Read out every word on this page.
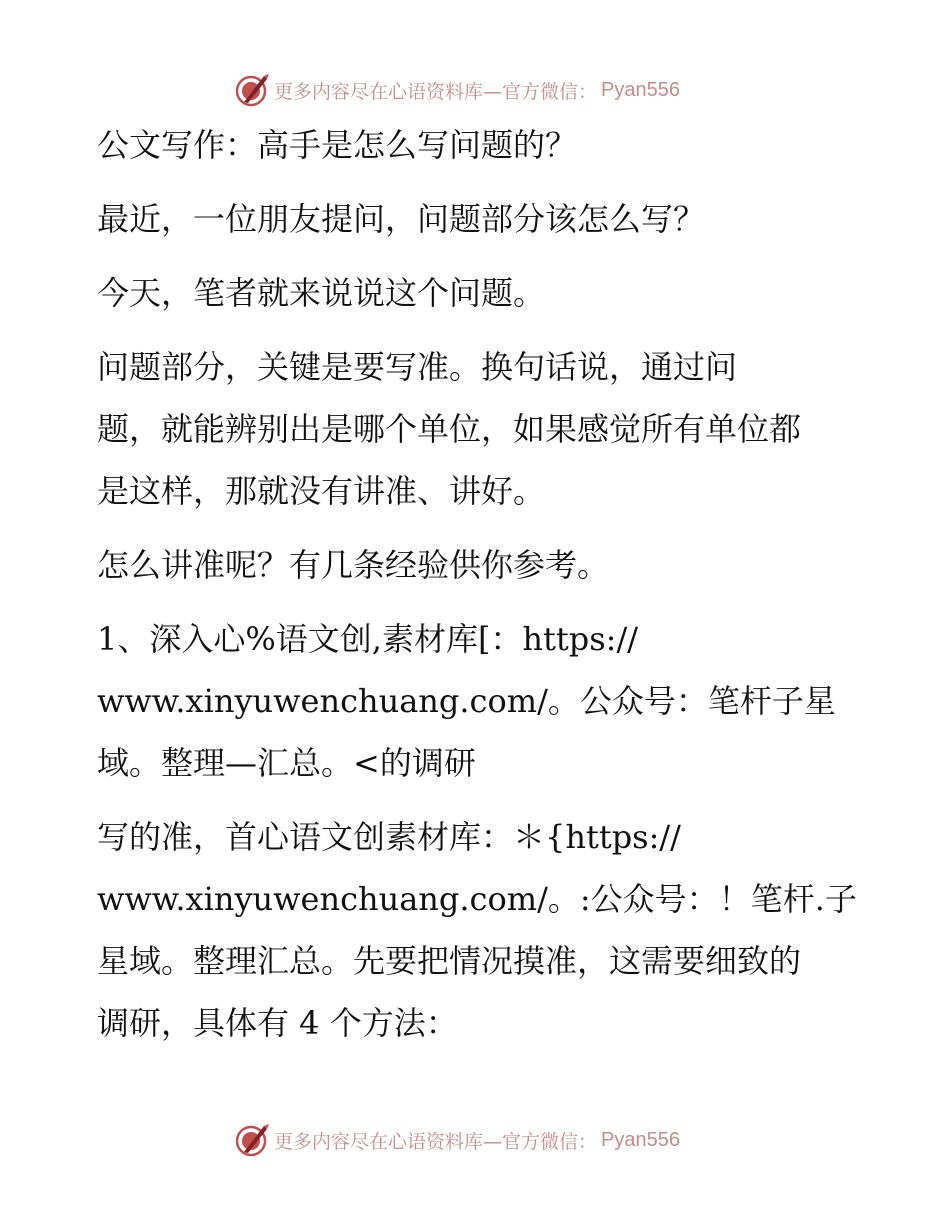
更多内容尽在心语资料库—官方微信： Pyan556

公文写作：高手是怎么写问题的？

最近，一位朋友提问，问题部分该怎么写？

今天，笔者就来说说这个问题。

问题部分，关键是要写准。换句话说，通过问
题，就能辨别出是哪个单位，如果感觉所有单位都
是这样，那就没有讲准、讲好。

怎么讲准呢？有几条经验供你参考。

1、深入心%语文创,素材库[：https://
www.xinyuwenchuang.com/。公众号：笔杆子星
域。整理—汇总。<的调研

写的准，首心语文创素材库：＊{https://
www.xinyuwenchuang.com/。:公众号：！笔杆.子
星域。整理汇总。先要把情况摸准，这需要细致的
调研，具体有 4 个方法：

更多内容尽在心语资料库—官方微信： Pyan556
